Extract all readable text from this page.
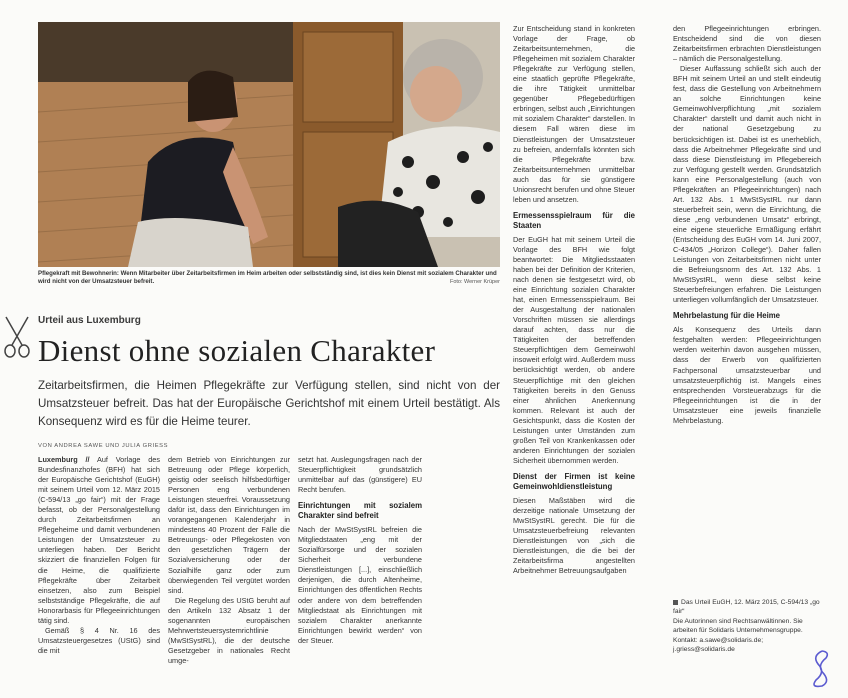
Pflegekraft mit Bewohnerin: Wenn Mitarbeiter über Zeitarbeitsfirmen im Heim arbeiten oder selbstständig sind, ist dies kein Dienst mit sozialem Charakter und wird nicht von der Umsatzsteuer befreit.	Foto: Werner Krüper
Urteil aus Luxemburg
Dienst ohne sozialen Charakter
Zeitarbeitsfirmen, die Heimen Pflegekräfte zur Verfügung stellen, sind nicht von der Umsatzsteuer befreit. Das hat der Europäische Gerichtshof mit einem Urteil bestätigt. Als Konsequenz wird es für die Heime teurer.
VON ANDREA SAWE UND JULIA GRIESS

Luxemburg // Auf Vorlage des Bundesfinanzhofes (BFH) hat sich der Europäische Gerichtshof (EuGH) mit seinem Urteil vom 12. März 2015 (C-594/13 „go fair“) mit der Frage befasst, ob der Personalgestellung durch Zeitarbeitsfirmen an Pflegeheime und damit verbundenen Leistungen der Umsatzsteuer zu unterliegen haben. Der Bericht skizziert die finanziellen Folgen für die Heime, die qualifizierte Pflegekräfte über Zeitarbeit einsetzen, also zum Beispiel selbstständige Pflegekräfte, die auf Honorarbasis für Pflegeeinrichtungen tätig sind.

Gemäß § 4 Nr. 16 des Umsatzsteuergesetzes (UStG) sind die mit

dem Betrieb von Einrichtungen zur Betreuung oder Pflege körperlich, geistig oder seelisch hilfsbedürftiger Personen eng verbundenen Leistungen steuerfrei. Voraussetzung dafür ist, dass den Einrichtungen im vorangegangenen Kalenderjahr in mindestens 40 Prozent der Fälle die Betreuungs- oder Pflegekosten von den gesetzlichen Trägern der Sozialversicherung oder der Sozialhilfe ganz oder zum überwiegenden Teil vergütet worden sind.

Die Regelung des UStG beruht auf den Artikeln 132 Absatz 1 der sogenannten europäischen Mehrwertsteuersystemrichtlinie (MwStSystRL), die der deutsche Gesetzgeber in nationales Recht umge-

setzt hat. Auslegungsfragen nach der Steuerpflichtigkeit grundsätzlich unmittelbar auf das (günstigere) EU Recht berufen.

Einrichtungen mit sozialem Charakter sind befreit

Nach der MwStSystRL befreien die Mitgliedstaaten „eng mit der Sozialfürsorge und der sozialen Sicherheit verbundene Dienstleistungen [...], einschließlich derjenigen, die durch Altenheime, Einrichtungen des öffentlichen Rechts oder andere von dem betreffenden Mitgliedstaat als Einrichtungen mit sozialem Charakter anerkannte Einrichtungen bewirkt werden“ von der Steuer.

Zur Entscheidung stand in konkreten Vorlage der Frage, ob Zeitarbeitsunternehmen, die Pflegeheimen mit sozialem Charakter Pflegekräfte zur Verfügung stellen, eine staatlich geprüfte Pflegekräfte, die ihre Tätigkeit unmittelbar gegenüber Pflegebedürftigen erbringen, selbst auch „Einrichtungen mit sozialem Charakter“ darstellen. In diesem Fall wären diese im Dienstleistungen der Umsatzsteuer zu befreien, andernfalls könnten sich die Pflegekräfte bzw. Zeitarbeitsunternehmen unmittelbar auch das für sie günstigere Unionsrecht berufen und ohne Steuer leben und ansetzen.

Ermessensspielraum für die Staaten

Der EuGH hat mit seinem Urteil die Vorlage des BFH wie folgt beantwortet: Die Mitgliedsstaaten haben bei der Definition der Kriterien, nach denen sie festgesetzt wird, ob eine Einrichtung sozialen Charakter hat, einen Ermessensspielraum. Bei der Ausgestaltung der nationalen Vorschriften müssen sie allerdings darauf achten, dass nur die Tätigkeiten der betreffenden Steuerpflichtigen dem Gemeinwohl insoweit erfolgt wird. Außerdem muss berücksichtigt werden, ob andere Steuerpflichtige mit den gleichen Tätigkeiten bereits in den Genuss einer ähnlichen Anerkennung kommen. Relevant ist auch der Gesichtspunkt, dass die Kosten der Leistungen unter Umständen zum großen Teil von Krankenkassen oder anderen Einrichtungen der sozialen Sicherheit übernommen werden.

Dienst der Firmen ist keine Gemeinwohldienstleistung

Diesen Maßstäben wird die derzeitige nationale Umsetzung der MwStSystRL gerecht. Die für die Umsatzsteuerbefreiung relevanten Dienstleistungen von „sich die Dienstleistungen, die die bei der Zeitarbeitsfirma angestellten Arbeitnehmer Betreuungsaufgaben

den Pflegeeinrichtungen erbringen. Entscheidend sind die von diesen Zeitarbeitsfirmen erbrachten Dienstleistungen – nämlich die Personalgestellung.

Dieser Auffassung schließt sich auch der BFH mit seinem Urteil an und stellt eindeutig fest, dass die Gestellung von Arbeitnehmern an solche Einrichtungen keine Gemeinwohlverpflichtung „mit sozialem Charakter“ darstellt und damit auch nicht in der national Gesetzgebung zu berücksichtigen ist. Dabei ist es unerheblich, dass die Arbeitnehmer Pflegekräfte sind und dass diese Dienstleistung im Pflegebereich zur Verfügung gestellt werden. Grundsätzlich kann eine Personalgestellung (auch von Pflegekräften an Pflegeeinrichtungen) nach Art. 132 Abs. 1 MwStSystRL nur dann steuerbefreit sein, wenn die Einrichtung, die diese „eng verbundenen Umsatz“ erbringt, eine eigene steuerliche Ermäßigung erfährt (Entscheidung des EuGH vom 14. Juni 2007, C-434/05 „Horizon College“). Daher fallen Leistungen von Zeitarbeitsfirmen nicht unter die Befreiungsnorm des Art. 132 Abs. 1 MwStSystRL, wenn diese selbst keine Steuerbefreiungen erfahren. Die Leistungen unterliegen vollumfänglich der Umsatzsteuer.

Mehrbelastung für die Heime

Als Konsequenz des Urteils dann festgehalten werden: Pflegeeinrichtungen werden weiterhin davon ausgehen müssen, dass der Erwerb von qualifizierten Fachpersonal umsatzsteuerbar und umsatzsteuerpflichtig ist. Mangels eines entsprechenden Vorsteuerabzugs für die Pflegeeinrichtungen ist die in der Umsatzsteuer eine jeweils finanzielle Mehrbelastung.

Das Urteil EuGH, 12. März 2015, C-594/13 „go fair“
Die Autorinnen sind Rechtsanwältinnen. Sie arbeiten für Solidaris Unternehmensgruppe. Kontakt: a.sawe@solidaris.de; j.griess@solidaris.de
